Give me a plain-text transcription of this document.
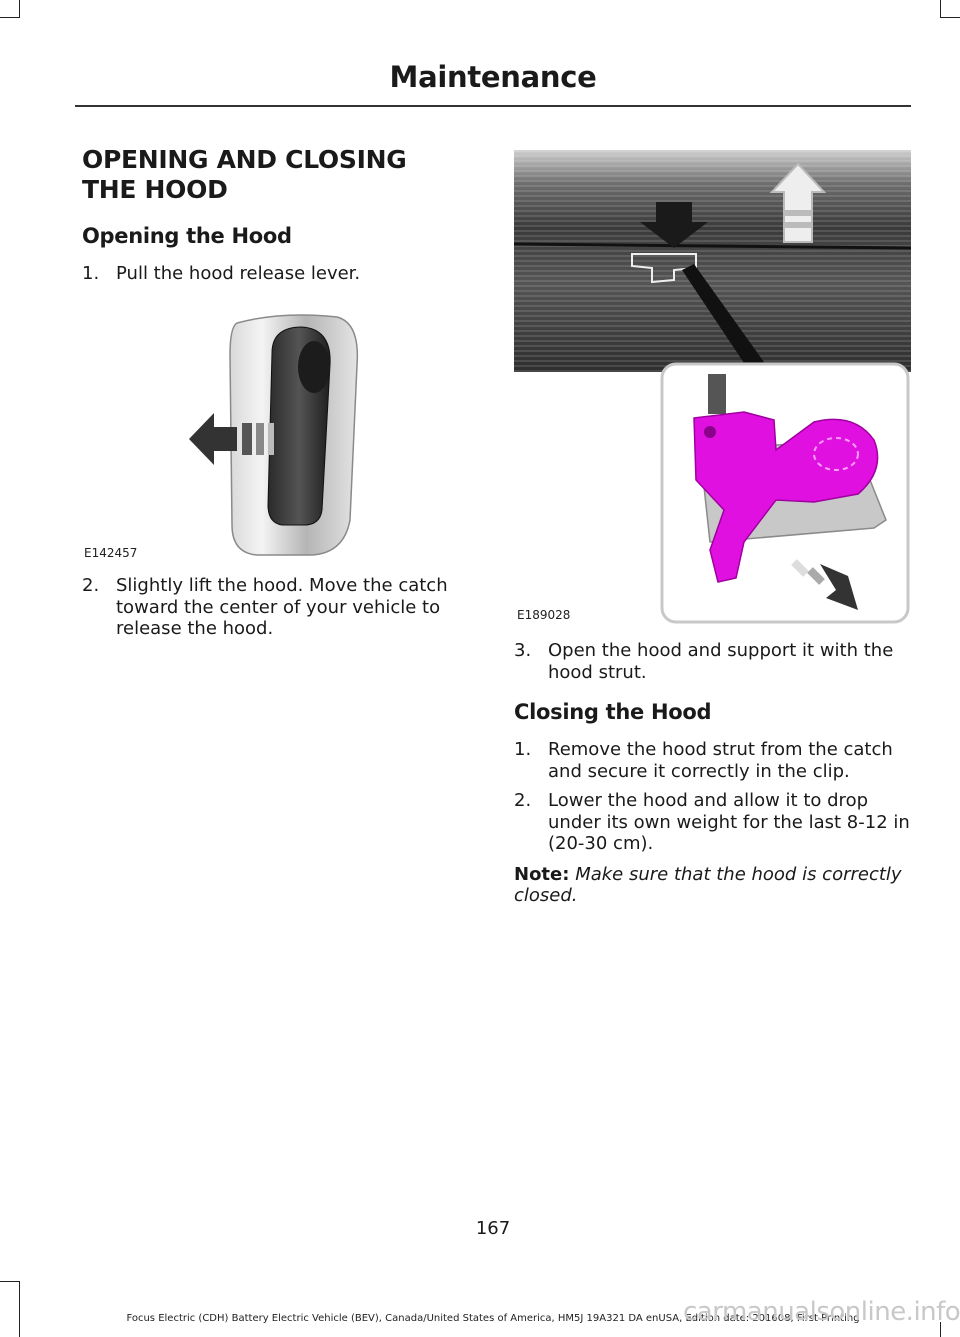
Maintenance
OPENING AND CLOSING THE HOOD
Opening the Hood
1. Pull the hood release lever.
E142457
2. Slightly lift the hood. Move the catch toward the center of your vehicle to release the hood.
E189028
3. Open the hood and support it with the hood strut.
Closing the Hood
1. Remove the hood strut from the catch and secure it correctly in the clip.
2. Lower the hood and allow it to drop under its own weight for the last 8-12 in (20-30 cm).
Note: Make sure that the hood is correctly closed.
167
Focus Electric (CDH) Battery Electric Vehicle (BEV), Canada/United States of America, HM5J 19A321 DA enUSA, Edition date: 201608, First Printing
carmanualsonline.info
